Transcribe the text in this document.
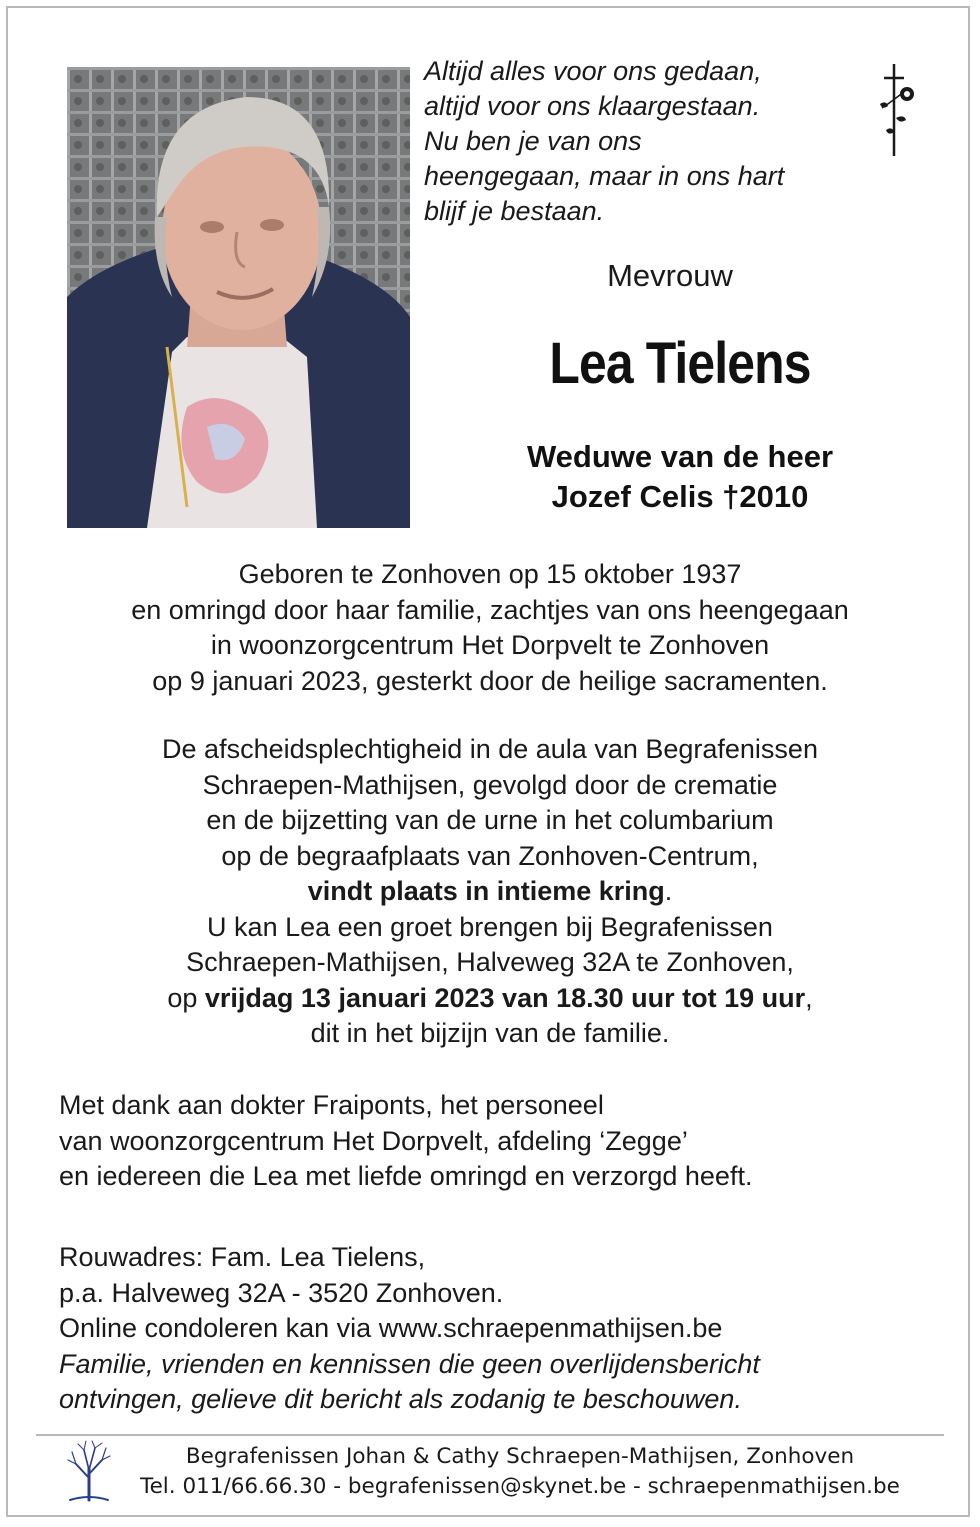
Altijd alles voor ons gedaan,
altijd voor ons klaargestaan.
Nu ben je van ons
heengegaan, maar in ons hart
blijf je bestaan.
Mevrouw
Lea Tielens
Weduwe van de heer
Jozef Celis †2010
Geboren te Zonhoven op 15 oktober 1937
en omringd door haar familie, zachtjes van ons heengegaan
in woonzorgcentrum Het Dorpvelt te Zonhoven
op 9 januari 2023, gesterkt door de heilige sacramenten.
De afscheidsplechtigheid in de aula van Begrafenissen
Schraepen-Mathijsen, gevolgd door de crematie
en de bijzetting van de urne in het columbarium
op de begraafplaats van Zonhoven-Centrum,
vindt plaats in intieme kring.
U kan Lea een groet brengen bij Begrafenissen
Schraepen-Mathijsen, Halveweg 32A te Zonhoven,
op vrijdag 13 januari 2023 van 18.30 uur tot 19 uur,
dit in het bijzijn van de familie.
Met dank aan dokter Fraiponts, het personeel
van woonzorgcentrum Het Dorpvelt, afdeling ‘Zegge’
en iedereen die Lea met liefde omringd en verzorgd heeft.
Rouwadres: Fam. Lea Tielens,
p.a. Halveweg 32A - 3520 Zonhoven.
Online condoleren kan via www.schraepenmathijsen.be
Familie, vrienden en kennissen die geen overlijdensbericht
ontvingen, gelieve dit bericht als zodanig te beschouwen.
Begrafenissen Johan & Cathy Schraepen-Mathijsen, Zonhoven
Tel. 011/66.66.30 - begrafenissen@skynet.be - schraepenmathijsen.be
